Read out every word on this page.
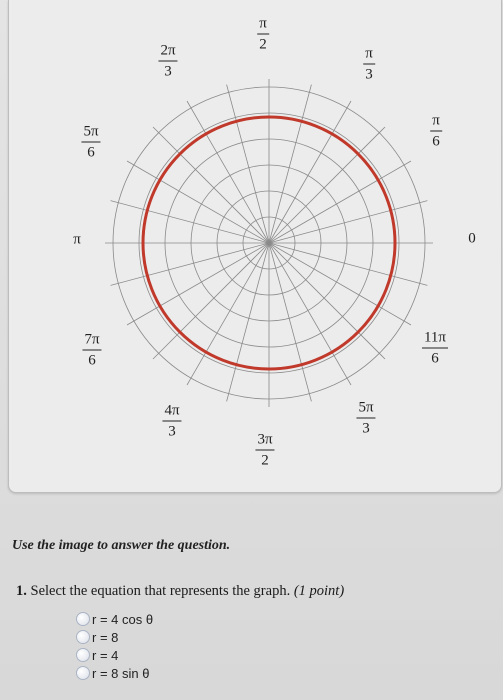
0
π
6
π
3
π
2
2π
3
5π
6
π
7π
6
4π
3
3π
2
5π
3
11π
6
Use the image to answer the question.
1. Select the equation that represents the graph. (1 point)
r = 4 cos θ
r = 8
r = 4
r = 8 sin θ
